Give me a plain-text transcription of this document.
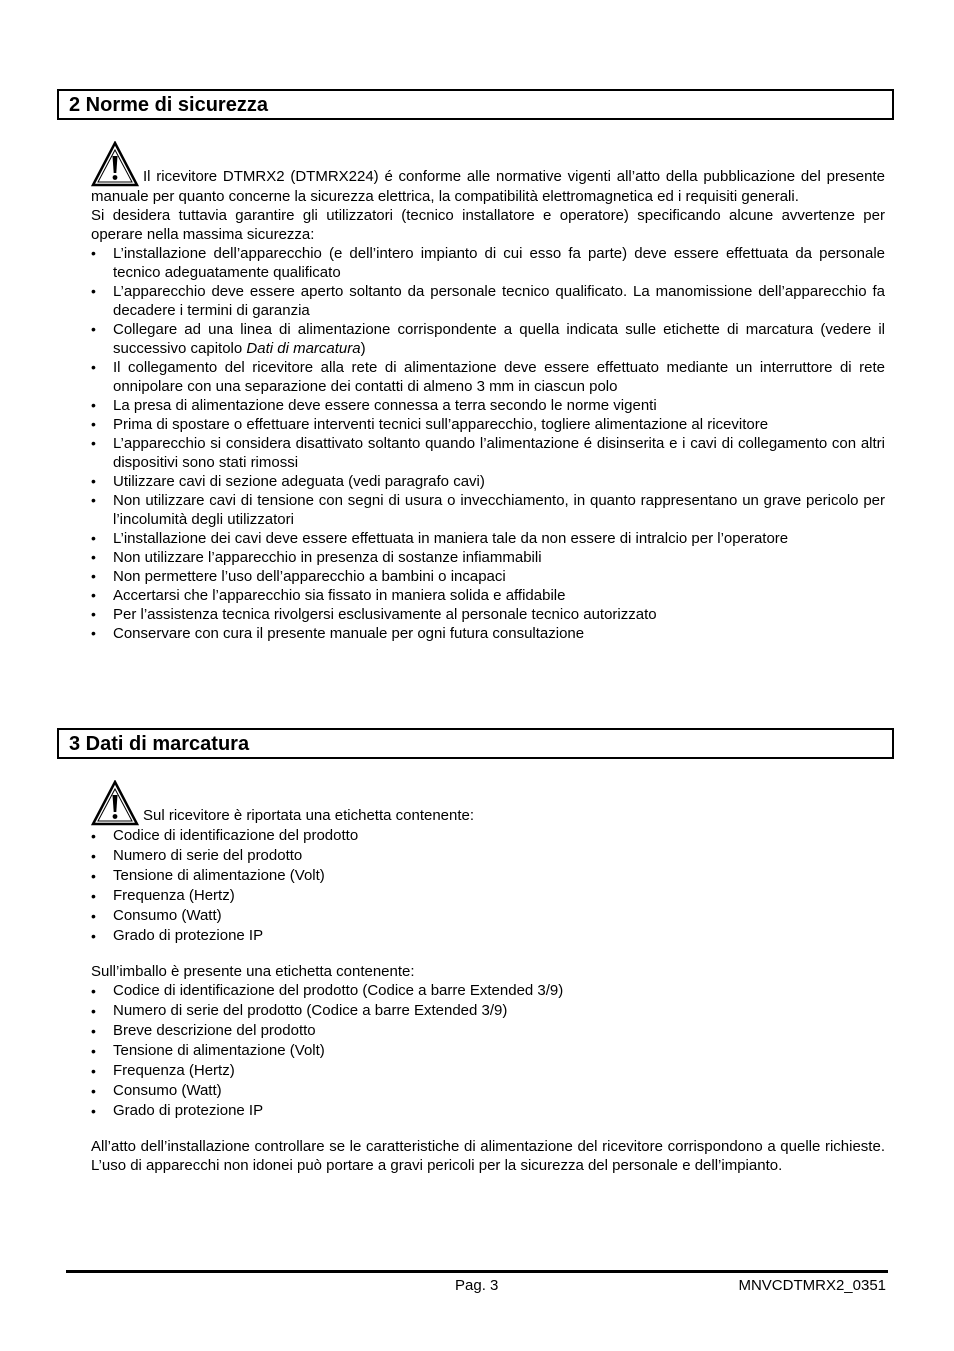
2 Norme di sicurezza

Il ricevitore DTMRX2 (DTMRX224) é conforme alle normative vigenti all’atto della pubblicazione del presente manuale per quanto concerne la sicurezza elettrica, la compatibilità elettromagnetica ed i requisiti generali.

Si desidera tuttavia garantire gli utilizzatori (tecnico installatore e operatore) specificando alcune avvertenze per operare nella massima sicurezza:

• L’installazione dell’apparecchio (e dell’intero impianto di cui esso fa parte) deve essere effettuata da personale tecnico adeguatamente qualificato
• L’apparecchio deve essere aperto soltanto da personale tecnico qualificato. La manomissione dell’apparecchio fa decadere i termini di garanzia
• Collegare ad una linea di alimentazione corrispondente a quella indicata sulle etichette di marcatura (vedere il successivo capitolo Dati di marcatura)
• Il collegamento del ricevitore alla rete di alimentazione deve essere effettuato mediante un interruttore di rete onnipolare con una separazione dei contatti di almeno 3 mm in ciascun polo
• La presa di alimentazione deve essere connessa a terra secondo le norme vigenti
• Prima di spostare o effettuare interventi tecnici sull’apparecchio, togliere alimentazione al ricevitore
• L’apparecchio si considera disattivato soltanto quando l’alimentazione é disinserita e i cavi di collegamento con altri dispositivi sono stati rimossi
• Utilizzare cavi di sezione adeguata (vedi paragrafo cavi)
• Non utilizzare cavi di tensione con segni di usura o invecchiamento, in quanto rappresentano un grave pericolo per l’incolumità degli utilizzatori
• L’installazione dei cavi deve essere effettuata in maniera tale da non essere di intralcio per l’operatore
• Non utilizzare l’apparecchio in presenza di sostanze infiammabili
• Non permettere l’uso dell’apparecchio a bambini o incapaci
• Accertarsi che l’apparecchio sia fissato in maniera solida e affidabile
• Per l’assistenza tecnica rivolgersi esclusivamente al personale tecnico autorizzato
• Conservare con cura il presente manuale per ogni futura consultazione
3 Dati di marcatura

Sul ricevitore è riportata una etichetta contenente:

• Codice di identificazione del prodotto
• Numero di serie del prodotto
• Tensione di alimentazione (Volt)
• Frequenza (Hertz)
• Consumo (Watt)
• Grado di protezione IP

Sull’imballo è presente una etichetta contenente:

• Codice di identificazione del prodotto (Codice a barre Extended 3/9)
• Numero di serie del prodotto (Codice a barre Extended 3/9)
• Breve descrizione del prodotto
• Tensione di alimentazione (Volt)
• Frequenza (Hertz)
• Consumo (Watt)
• Grado di protezione IP

All’atto dell’installazione controllare se le caratteristiche di alimentazione del ricevitore corrispondono a quelle richieste. L’uso di apparecchi non idonei può portare a gravi pericoli per la sicurezza del personale e dell’impianto.

Pag. 3	MNVCDTMRX2_0351
